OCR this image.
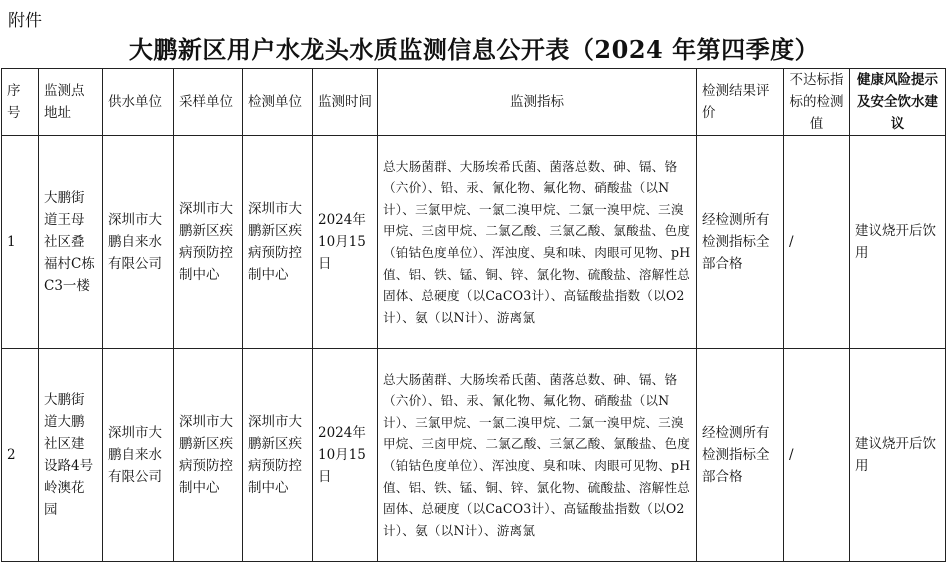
附件
大鹏新区用户水龙头水质监测信息公开表（2024 年第四季度）
序号	监测点地址	供水单位	采样单位	检测单位	监测时间	监测指标	检测结果评价	不达标指标的检测值	健康风险提示及安全饮水建议
1	大鹏街道王母社区叠福村C栋C3一楼	深圳市大鹏自来水有限公司	深圳市大鹏新区疾病预防控制中心	深圳市大鹏新区疾病预防控制中心	2024年10月15日	总大肠菌群、大肠埃希氏菌、菌落总数、砷、镉、铬（六价）、铅、汞、氰化物、氟化物、硝酸盐（以N计）、三氯甲烷、一氯二溴甲烷、二氯一溴甲烷、三溴甲烷、三卤甲烷、二氯乙酸、三氯乙酸、氯酸盐、色度（铂钴色度单位）、浑浊度、臭和味、肉眼可见物、pH值、铝、铁、锰、铜、锌、氯化物、硫酸盐、溶解性总固体、总硬度（以CaCO3计）、高锰酸盐指数（以O2计）、氨（以N计）、游离氯	经检测所有检测指标全部合格	/	建议烧开后饮用
2	大鹏街道大鹏社区建设路4号岭澳花园	深圳市大鹏自来水有限公司	深圳市大鹏新区疾病预防控制中心	深圳市大鹏新区疾病预防控制中心	2024年10月15日	总大肠菌群、大肠埃希氏菌、菌落总数、砷、镉、铬（六价）、铅、汞、氰化物、氟化物、硝酸盐（以N计）、三氯甲烷、一氯二溴甲烷、二氯一溴甲烷、三溴甲烷、三卤甲烷、二氯乙酸、三氯乙酸、氯酸盐、色度（铂钴色度单位）、浑浊度、臭和味、肉眼可见物、pH值、铝、铁、锰、铜、锌、氯化物、硫酸盐、溶解性总固体、总硬度（以CaCO3计）、高锰酸盐指数（以O2计）、氨（以N计）、游离氯	经检测所有检测指标全部合格	/	建议烧开后饮用
